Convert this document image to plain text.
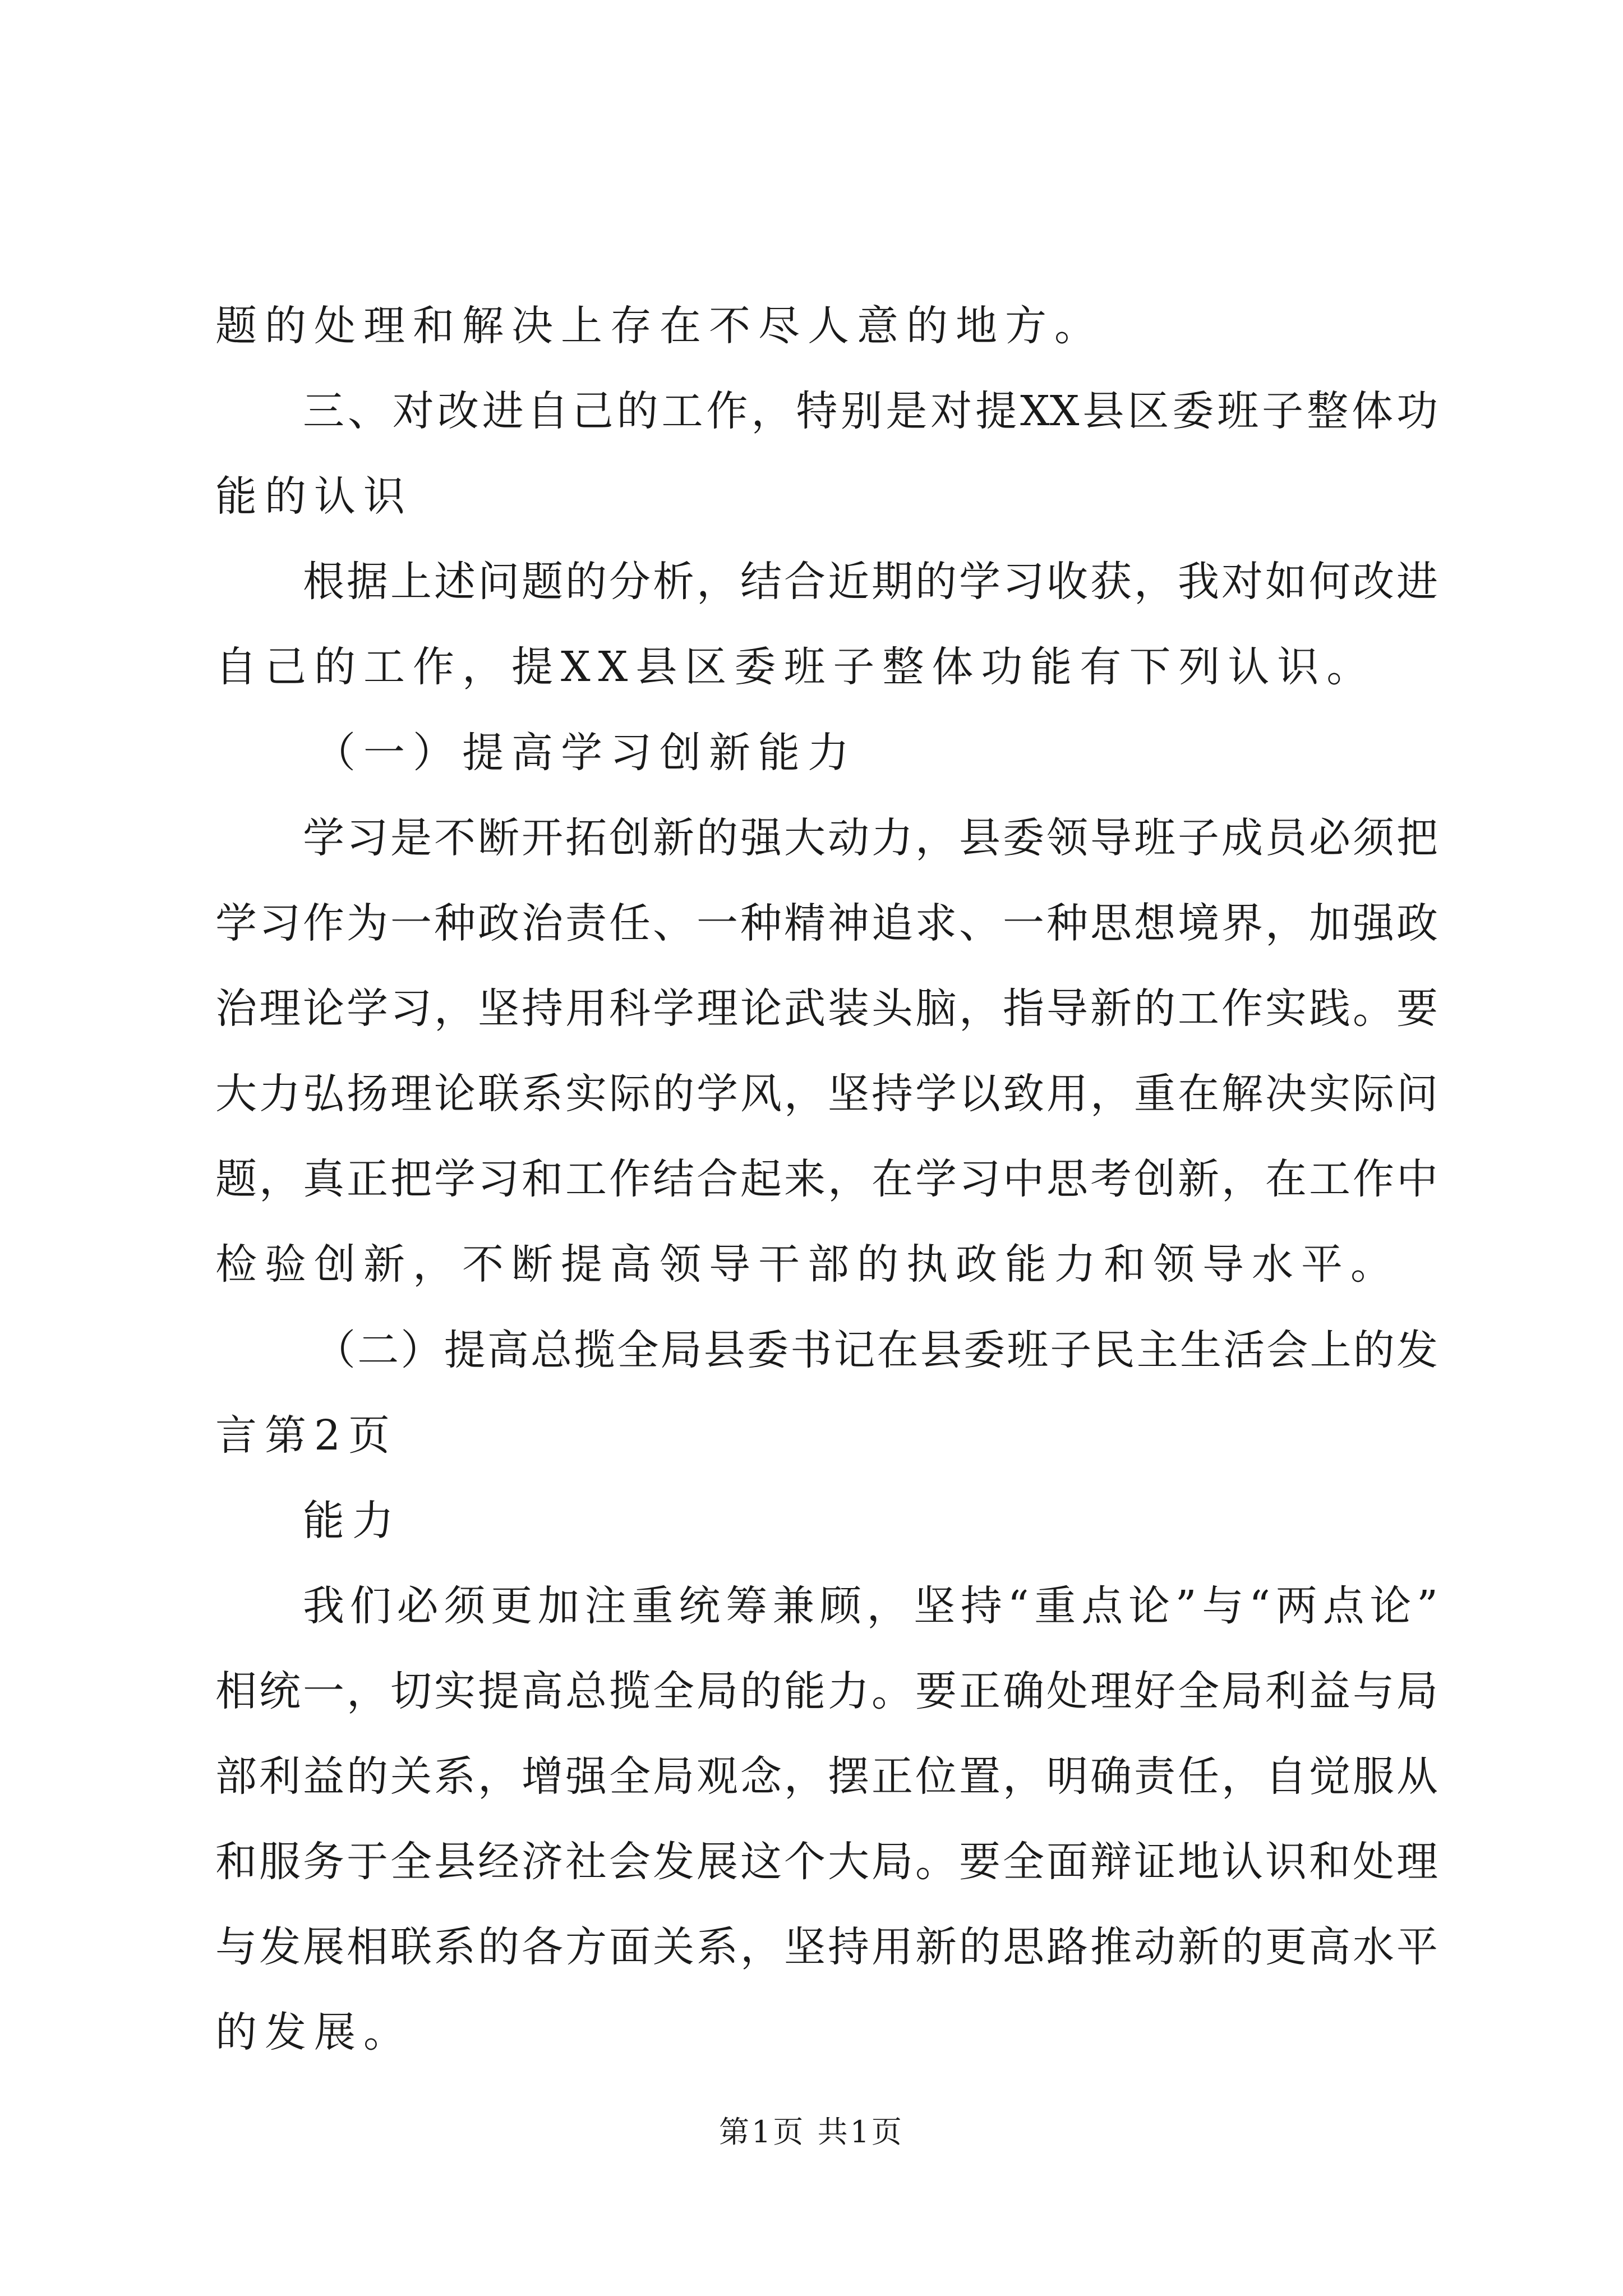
题的处理和解决上存在不尽人意的地方。
三、对改进自己的工作，特别是对提XX县区委班子整体功
能的认识
根据上述问题的分析，结合近期的学习收获，我对如何改进
自己的工作，提XX县区委班子整体功能有下列认识。
（一）提高学习创新能力
学习是不断开拓创新的强大动力，县委领导班子成员必须把
学习作为一种政治责任、一种精神追求、一种思想境界，加强政
治理论学习，坚持用科学理论武装头脑，指导新的工作实践。要
大力弘扬理论联系实际的学风，坚持学以致用，重在解决实际问
题，真正把学习和工作结合起来，在学习中思考创新，在工作中
检验创新，不断提高领导干部的执政能力和领导水平。
（二）提高总揽全局县委书记在县委班子民主生活会上的发
言第2页
能力
我们必须更加注重统筹兼顾，坚持“重点论”与“两点论”
相统一，切实提高总揽全局的能力。要正确处理好全局利益与局
部利益的关系，增强全局观念，摆正位置，明确责任，自觉服从
和服务于全县经济社会发展这个大局。要全面辩证地认识和处理
与发展相联系的各方面关系，坚持用新的思路推动新的更高水平
的发展。
第1页 共1页
